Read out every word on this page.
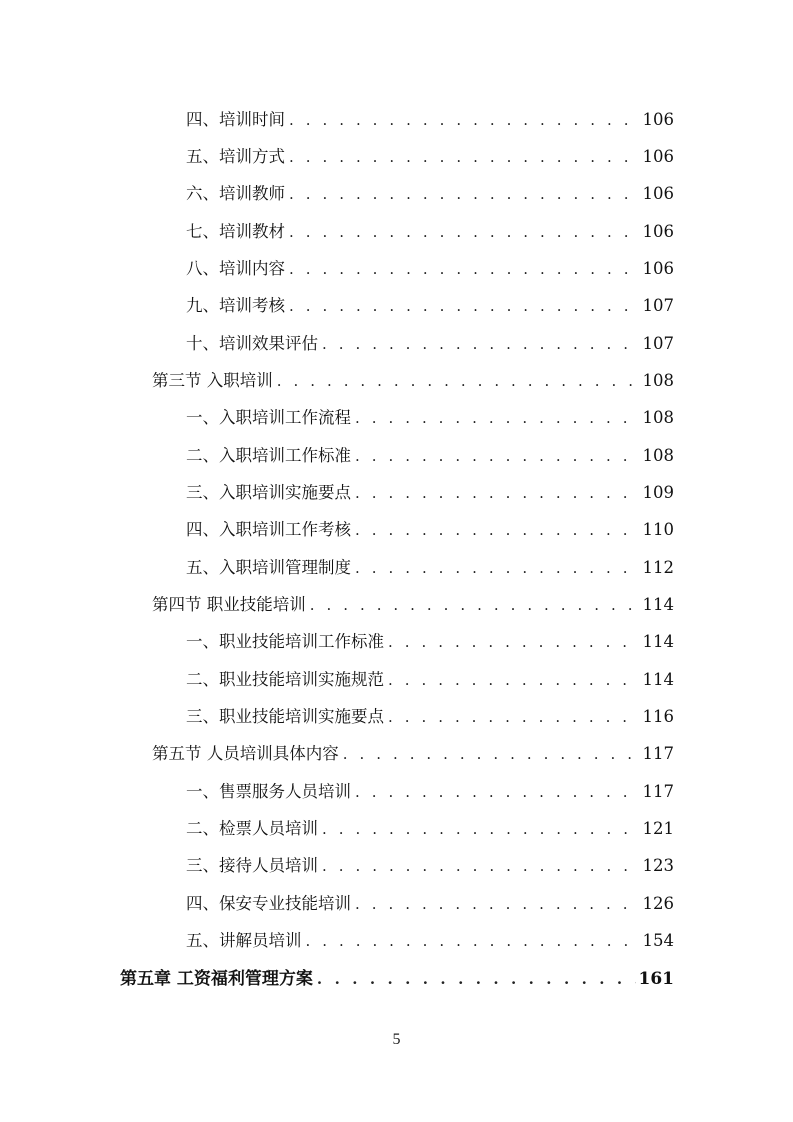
四、培训时间 . . .	106
五、培训方式 . . .	106
六、培训教师 . . .	106
七、培训教材 . . .	106
八、培训内容 . . .	106
九、培训考核 . . .	107
十、培训效果评估 . . .	107
第三节 入职培训 . . .	108
一、入职培训工作流程 . . .	108
二、入职培训工作标准 . . .	108
三、入职培训实施要点 . . .	109
四、入职培训工作考核 . . .	110
五、入职培训管理制度 . . .	112
第四节 职业技能培训 . . .	114
一、职业技能培训工作标准 . . .	114
二、职业技能培训实施规范 . . .	114
三、职业技能培训实施要点 . . .	116
第五节 人员培训具体内容 . . .	117
一、售票服务人员培训 . . .	117
二、检票人员培训 . . .	121
三、接待人员培训 . . .	123
四、保安专业技能培训 . . .	126
五、讲解员培训 . . .	154
第五章 工资福利管理方案 . . .	161
5
